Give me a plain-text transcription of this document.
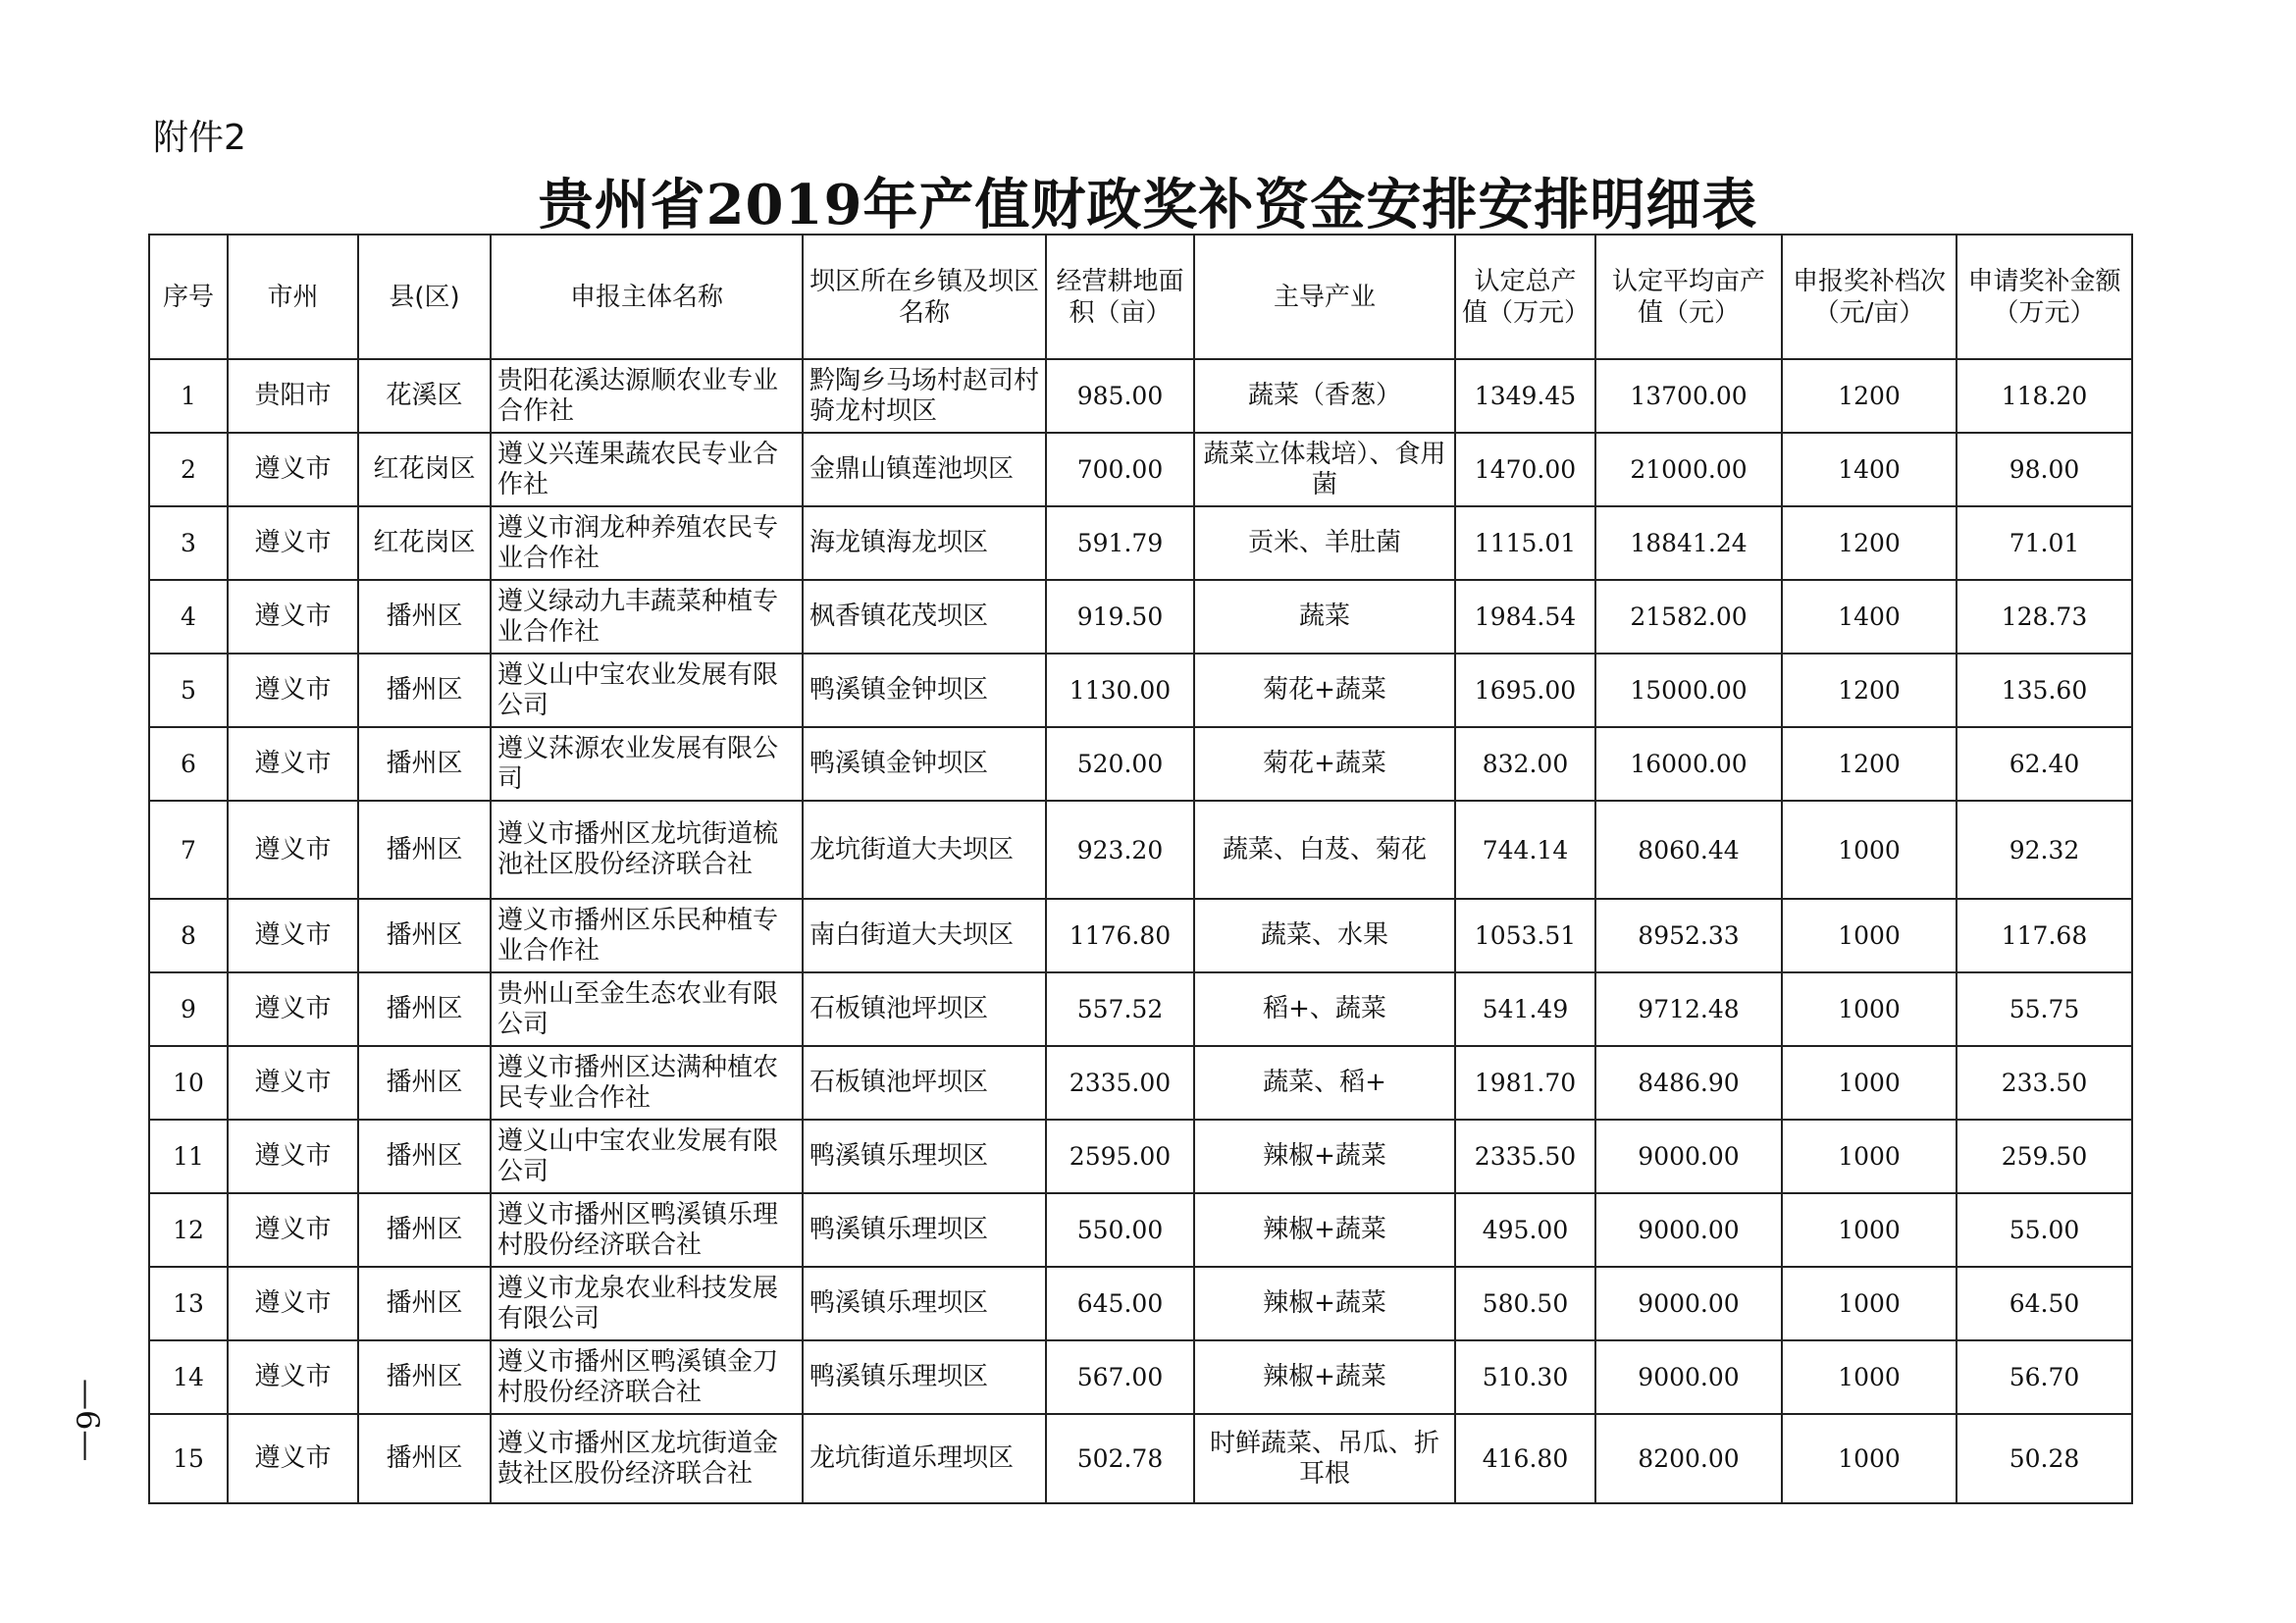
附件2
贵州省2019年产值财政奖补资金安排安排明细表
序号	市州	县(区)	申报主体名称	坝区所在乡镇及坝区名称	经营耕地面积（亩）	主导产业	认定总产值（万元）	认定平均亩产值（元）	申报奖补档次（元/亩）	申请奖补金额（万元）
1	贵阳市	花溪区	贵阳花溪达源顺农业专业合作社	黔陶乡马场村赵司村骑龙村坝区	985.00	蔬菜（香葱）	1349.45	13700.00	1200	118.20
2	遵义市	红花岗区	遵义兴莲果蔬农民专业合作社	金鼎山镇莲池坝区	700.00	蔬菜立体栽培）、食用菌	1470.00	21000.00	1400	98.00
3	遵义市	红花岗区	遵义市润龙种养殖农民专业合作社	海龙镇海龙坝区	591.79	贡米、羊肚菌	1115.01	18841.24	1200	71.01
4	遵义市	播州区	遵义绿动九丰蔬菜种植专业合作社	枫香镇花茂坝区	919.50	蔬菜	1984.54	21582.00	1400	128.73
5	遵义市	播州区	遵义山中宝农业发展有限公司	鸭溪镇金钟坝区	1130.00	菊花+蔬菜	1695.00	15000.00	1200	135.60
6	遵义市	播州区	遵义莯源农业发展有限公司	鸭溪镇金钟坝区	520.00	菊花+蔬菜	832.00	16000.00	1200	62.40
7	遵义市	播州区	遵义市播州区龙坑街道梳池社区股份经济联合社	龙坑街道大夫坝区	923.20	蔬菜、白芨、菊花	744.14	8060.44	1000	92.32
8	遵义市	播州区	遵义市播州区乐民种植专业合作社	南白街道大夫坝区	1176.80	蔬菜、水果	1053.51	8952.33	1000	117.68
9	遵义市	播州区	贵州山至金生态农业有限公司	石板镇池坪坝区	557.52	稻+、蔬菜	541.49	9712.48	1000	55.75
10	遵义市	播州区	遵义市播州区达满种植农民专业合作社	石板镇池坪坝区	2335.00	蔬菜、稻+	1981.70	8486.90	1000	233.50
11	遵义市	播州区	遵义山中宝农业发展有限公司	鸭溪镇乐理坝区	2595.00	辣椒+蔬菜	2335.50	9000.00	1000	259.50
12	遵义市	播州区	遵义市播州区鸭溪镇乐理村股份经济联合社	鸭溪镇乐理坝区	550.00	辣椒+蔬菜	495.00	9000.00	1000	55.00
13	遵义市	播州区	遵义市龙泉农业科技发展有限公司	鸭溪镇乐理坝区	645.00	辣椒+蔬菜	580.50	9000.00	1000	64.50
14	遵义市	播州区	遵义市播州区鸭溪镇金刀村股份经济联合社	鸭溪镇乐理坝区	567.00	辣椒+蔬菜	510.30	9000.00	1000	56.70
15	遵义市	播州区	遵义市播州区龙坑街道金鼓社区股份经济联合社	龙坑街道乐理坝区	502.78	时鲜蔬菜、吊瓜、折耳根	416.80	8200.00	1000	50.28
—6—
